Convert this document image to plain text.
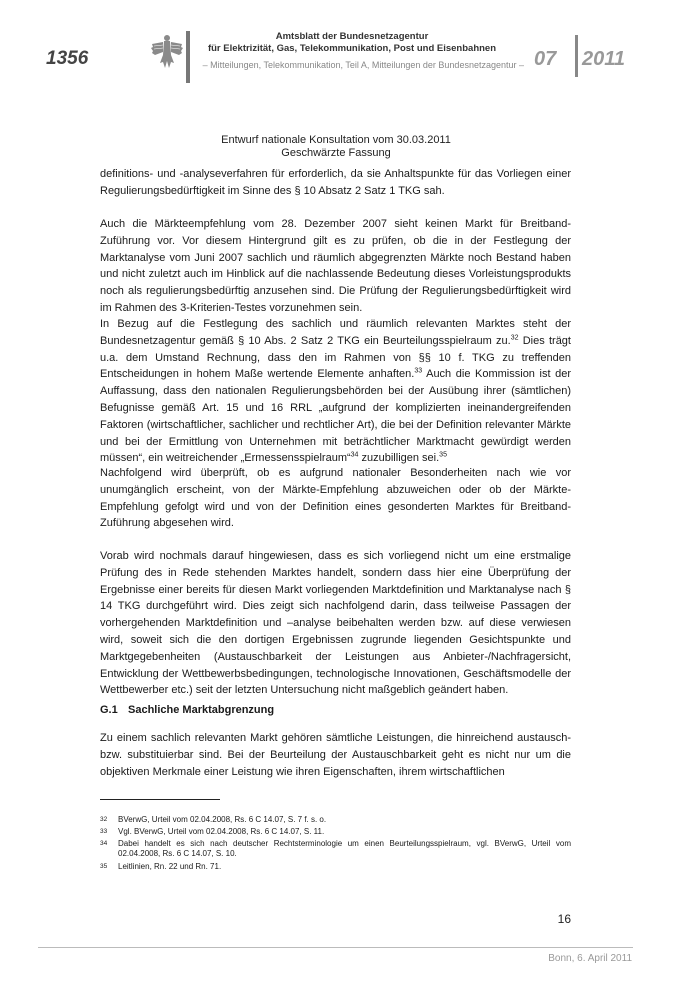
1356
Amtsblatt der Bundesnetzagentur
für Elektrizität, Gas, Telekommunikation, Post und Eisenbahnen
– Mitteilungen, Telekommunikation, Teil A, Mitteilungen der Bundesnetzagentur – 07 2011
Entwurf nationale Konsultation vom 30.03.2011
Geschwärzte Fassung

definitions- und -analyseverfahren für erforderlich, da sie Anhaltspunkte für das Vorliegen einer Regulierungsbedürftigkeit im Sinne des § 10 Absatz 2 Satz 1 TKG sah.

Auch die Märkteempfehlung vom 28. Dezember 2007 sieht keinen Markt für Breitband-Zuführung vor. Vor diesem Hintergrund gilt es zu prüfen, ob die in der Festlegung der Marktanalyse vom Juni 2007 sachlich und räumlich abgegrenzten Märkte noch Bestand haben und nicht zuletzt auch im Hinblick auf die nachlassende Bedeutung dieses Vorleistungsprodukts noch als regulierungsbedürftig anzusehen sind. Die Prüfung der Regulierungsbedürftigkeit wird im Rahmen des 3-Kriterien-Testes vorzunehmen sein.

In Bezug auf die Festlegung des sachlich und räumlich relevanten Marktes steht der Bundesnetzagentur gemäß § 10 Abs. 2 Satz 2 TKG ein Beurteilungsspielraum zu.$^{32}$ Dies trägt u.a. dem Umstand Rechnung, dass den im Rahmen von §§ 10 f. TKG zu treffenden Entscheidungen in hohem Maße wertende Elemente anhaften.$^{33}$ Auch die Kommission ist der Auffassung, dass den nationalen Regulierungsbehörden bei der Ausübung ihrer (sämtlichen) Befugnisse gemäß Art. 15 und 16 RRL „aufgrund der komplizierten ineinandergreifenden Faktoren (wirtschaftlicher, sachlicher und rechtlicher Art), die bei der Definition relevanter Märkte und bei der Ermittlung von Unternehmen mit beträchtlicher Marktmacht gewürdigt werden müssen“, ein weitreichender „Ermessensspielraum“$^{34}$ zuzubilligen sei.$^{35}$

Nachfolgend wird überprüft, ob es aufgrund nationaler Besonderheiten nach wie vor unumgänglich erscheint, von der Märkte-Empfehlung abzuweichen oder ob der Märkte-Empfehlung gefolgt wird und von der Definition eines gesonderten Marktes für Breitband-Zuführung abgesehen wird.

Vorab wird nochmals darauf hingewiesen, dass es sich vorliegend nicht um eine erstmalige Prüfung des in Rede stehenden Marktes handelt, sondern dass hier eine Überprüfung der Ergebnisse einer bereits für diesen Markt vorliegenden Marktdefinition und Marktanalyse nach § 14 TKG durchgeführt wird. Dies zeigt sich nachfolgend darin, dass teilweise Passagen der vorhergehenden Marktdefinition und –analyse beibehalten werden bzw. auf diese verwiesen wird, soweit sich die den dortigen Ergebnissen zugrunde liegenden Gesichtspunkte und Marktgegebenheiten (Austauschbarkeit der Leistungen aus Anbieter-/Nachfragersicht, Entwicklung der Wettbewerbsbedingungen, technologische Innovationen, Geschäftsmodelle der Wettbewerber etc.) seit der letzten Untersuchung nicht maßgeblich geändert haben.

G.1 Sachliche Marktabgrenzung

Zu einem sachlich relevanten Markt gehören sämtliche Leistungen, die hinreichend austausch- bzw. substituierbar sind. Bei der Beurteilung der Austauschbarkeit geht es nicht nur um die objektiven Merkmale einer Leistung wie ihren Eigenschaften, ihrem wirtschaftlichen

32 BVerwG, Urteil vom 02.04.2008, Rs. 6 C 14.07, S. 7 f. s. o.
33 Vgl. BVerwG, Urteil vom 02.04.2008, Rs. 6 C 14.07, S. 11.
34 Dabei handelt es sich nach deutscher Rechtsterminologie um einen Beurteilungsspielraum, vgl. BVerwG, Urteil vom 02.04.2008, Rs. 6 C 14.07, S. 10.
35 Leitlinien, Rn. 22 und Rn. 71.
16
Bonn, 6. April 2011
